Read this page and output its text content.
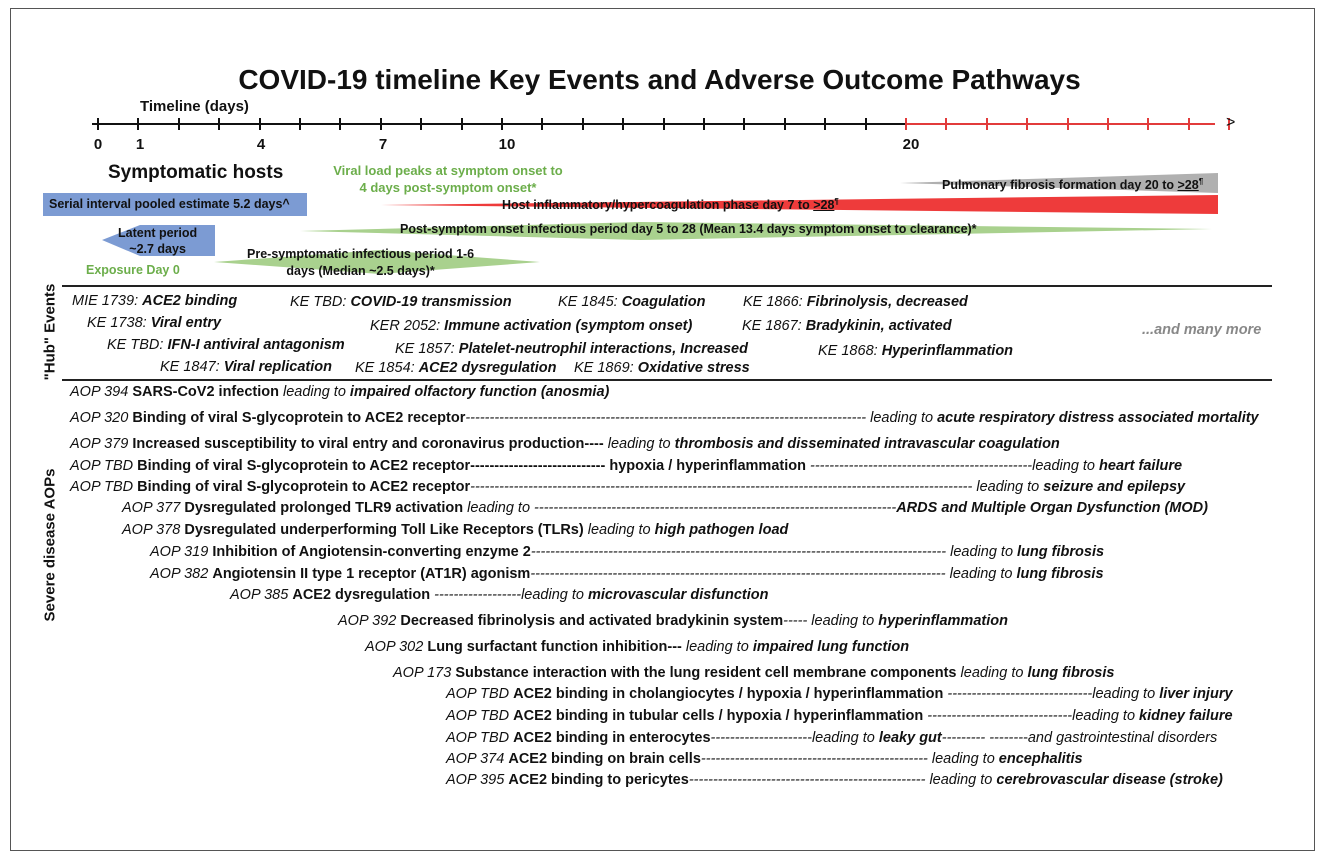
COVID-19 timeline Key Events and Adverse Outcome Pathways
Timeline (days)
>
0 1	4	7	10	20
Symptomatic hosts	Viral load peaks at symptom onset to 4 days post-symptom onset*
Serial interval pooled estimate 5.2 days^
Latent period
~2.7 days
Exposure Day 0
Pre-symptomatic infectious period 1-6
days (Median ~2.5 days)*
Post-symptom onset infectious period day 5 to 28 (Mean 13.4 days symptom onset to clearance)*
Host inflammatory/hypercoagulation phase day 7 to >28¶
Pulmonary fibrosis formation day 20 to >28¶
"Hub" Events
Severe disease AOPs
MIE 1739: ACE2 binding
KE 1738: Viral entry
KE TBD: IFN-I antiviral antagonism
KE 1847: Viral replication
KE TBD: COVID-19 transmission
KER 2052: Immune activation (symptom onset)
KE 1857: Platelet-neutrophil interactions, Increased
KE 1854: ACE2 dysregulation KE 1869: Oxidative stress
KE 1845: Coagulation	KE 1866: Fibrinolysis, decreased
KE 1867: Bradykinin, activated
KE 1868: Hyperinflammation
...and many more
AOP 394 SARS-CoV2 infection leading to impaired olfactory function (anosmia)
AOP 320 Binding of viral S-glycoprotein to ACE2 receptor----------------------------------------------------------------------------------- leading to acute respiratory distress associated mortality
AOP 379 Increased susceptibility to viral entry and coronavirus production---- leading to thrombosis and disseminated intravascular coagulation
AOP TBD Binding of viral S-glycoprotein to ACE2 receptor---------------------------- hypoxia / hyperinflammation ----------------------------------------------leading to heart failure
AOP TBD Binding of viral S-glycoprotein to ACE2 receptor-------------------------------------------------------------------------------------------------------- leading to seizure and epilepsy
AOP 377 Dysregulated prolonged TLR9 activation leading to ---------------------------------------------------------------------------ARDS and Multiple Organ Dysfunction (MOD)
AOP 378 Dysregulated underperforming Toll Like Receptors (TLRs) leading to high pathogen load
AOP 319 Inhibition of Angiotensin-converting enzyme 2-------------------------------------------------------------------------------------- leading to lung fibrosis
AOP 382 Angiotensin II type 1 receptor (AT1R) agonism-------------------------------------------------------------------------------------- leading to lung fibrosis
AOP 385 ACE2 dysregulation ------------------leading to microvascular disfunction
AOP 392 Decreased fibrinolysis and activated bradykinin system----- leading to hyperinflammation
AOP 302 Lung surfactant function inhibition--- leading to impaired lung function
AOP 173 Substance interaction with the lung resident cell membrane components leading to lung fibrosis
AOP TBD ACE2 binding in cholangiocytes / hypoxia / hyperinflammation ------------------------------leading to liver injury
AOP TBD ACE2 binding in tubular cells / hypoxia / hyperinflammation ------------------------------leading to kidney failure
AOP TBD ACE2 binding in enterocytes---------------------leading to leaky gut--------- --------and gastrointestinal disorders
AOP 374 ACE2 binding on brain cells----------------------------------------------- leading to encephalitis
AOP 395 ACE2 binding to pericytes------------------------------------------------- leading to cerebrovascular disease (stroke)
